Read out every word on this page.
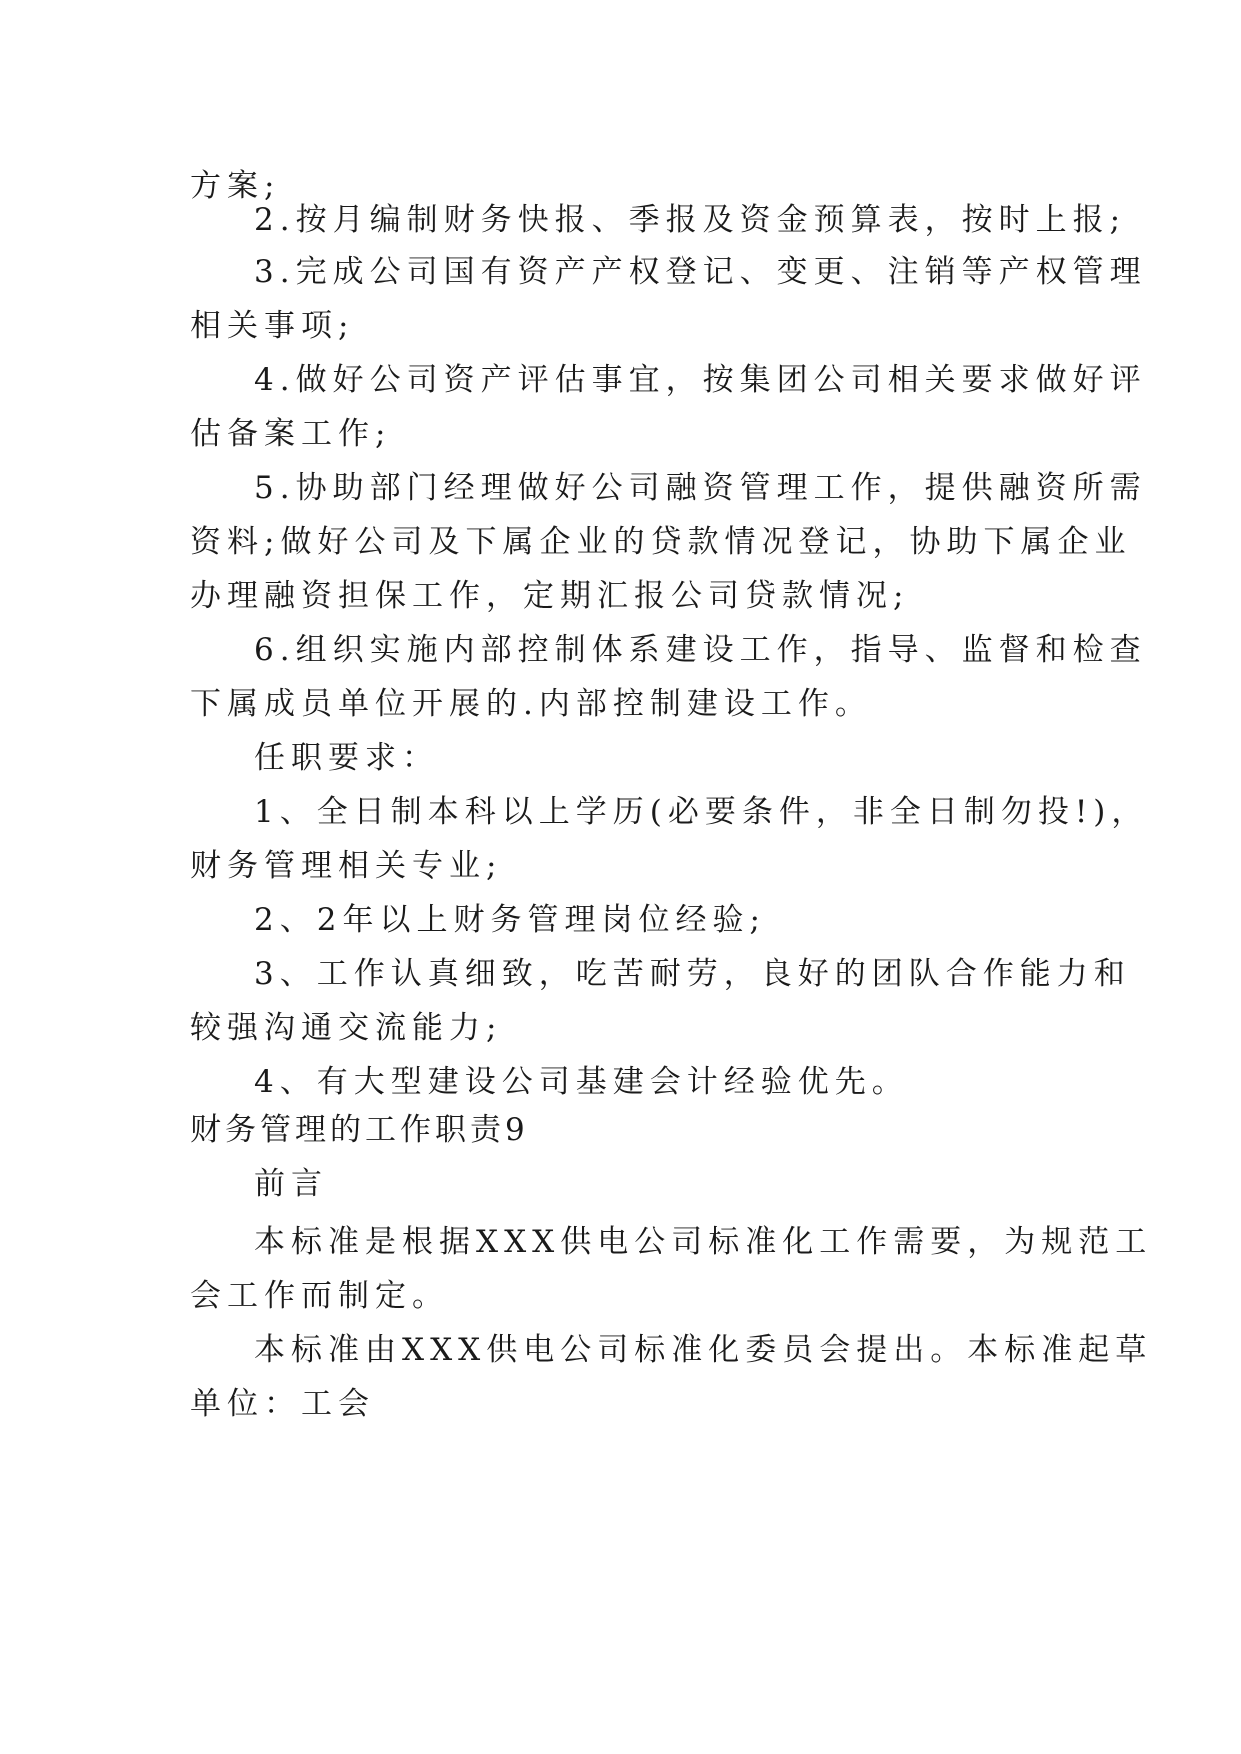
方案;
2.按月编制财务快报、季报及资金预算表，按时上报;
3.完成公司国有资产产权登记、变更、注销等产权管理
相关事项;
4.做好公司资产评估事宜，按集团公司相关要求做好评
估备案工作;
5.协助部门经理做好公司融资管理工作，提供融资所需
资料;做好公司及下属企业的贷款情况登记，协助下属企业
办理融资担保工作，定期汇报公司贷款情况;
6.组织实施内部控制体系建设工作，指导、监督和检查
下属成员单位开展的.内部控制建设工作。
任职要求：
1、全日制本科以上学历(必要条件，非全日制勿投!)，
财务管理相关专业;
2、2年以上财务管理岗位经验;
3、工作认真细致，吃苦耐劳，良好的团队合作能力和
较强沟通交流能力;
4、有大型建设公司基建会计经验优先。
财务管理的工作职责9
前言
本标准是根据XXX供电公司标准化工作需要，为规范工
会工作而制定。
本标准由XXX供电公司标准化委员会提出。本标准起草
单位：工会
